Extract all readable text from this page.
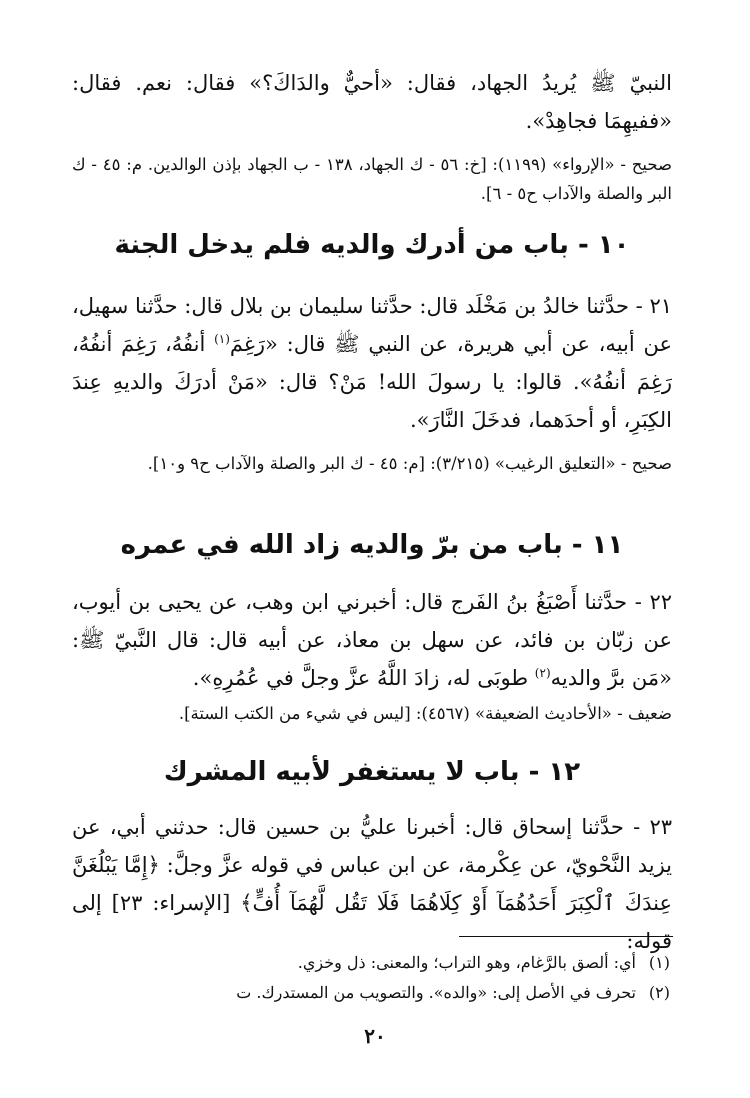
النبيّ ﷺ يُريدُ الجهاد، فقال: «أحيٌّ والدَاكَ؟» فقال: نعم. فقال: «ففيهِمَا فجاهِدْ».

صحيح - «الإرواء» (١١٩٩): [خ: ٥٦ - ك الجهاد، ١٣٨ - ب الجهاد بإذن الوالدين. م: ٤٥ - ك البر والصلة والآداب ح٥ - ٦].

١٠ - باب من أدرك والديه فلم يدخل الجنة

٢١ - حدَّثنا خالدُ بن مَخْلَد قال: حدَّثنا سليمان بن بلال قال: حدَّثنا سهيل، عن أبيه، عن أبي هريرة، عن النبي ﷺ قال: «رَغِمَ$^{(١)}$ أنفُهُ، رَغِمَ أنفُهُ، رَغِمَ أنفُهُ». قالوا: يا رسولَ الله! مَنْ؟ قال: «مَنْ أدرَكَ والديهِ عِندَ الكِبَرِ، أو أحدَهما، فدخَلَ النَّارَ».

صحيح - «التعليق الرغيب» (٣/٢١٥): [م: ٤٥ - ك البر والصلة والآداب ح٩ و١٠].

١١ - باب من برّ والديه زاد الله في عمره

٢٢ - حدَّثنا أَصْبَغُ بنُ الفَرج قال: أخبرني ابن وهب، عن يحيى بن أيوب، عن زبّان بن فائد، عن سهل بن معاذ، عن أبيه قال: قال النَّبيّ ﷺ: «مَن برَّ والديه$^{(٢)}$ طوبَى له، زادَ اللَّهُ عزَّ وجلَّ في عُمُرِهِ».

ضعيف - «الأحاديث الضعيفة» (٤٥٦٧): [ليس في شيء من الكتب الستة].

١٢ - باب لا يستغفر لأبيه المشرك

٢٣ - حدَّثنا إسحاق قال: أخبرنا عليُّ بن حسين قال: حدثني أبي، عن يزيد النَّحْويّ، عن عِكْرمة، عن ابن عباس في قوله عزَّ وجلَّ: ﴿إِمَّا يَبْلُغَنَّ عِندَكَ ٱلْكِبَرَ أَحَدُهُمَآ أَوْ كِلَاهُمَا فَلَا تَقُل لَّهُمَآ أُفٍّ﴾ [الإسراء: ٢٣] إلى قوله:

(١)أي: ألصق بالرَّغام، وهو التراب؛ والمعنى: ذل وخزي.

(٢)تحرف في الأصل إلى: «والده». والتصويب من المستدرك. ت

٢٠
